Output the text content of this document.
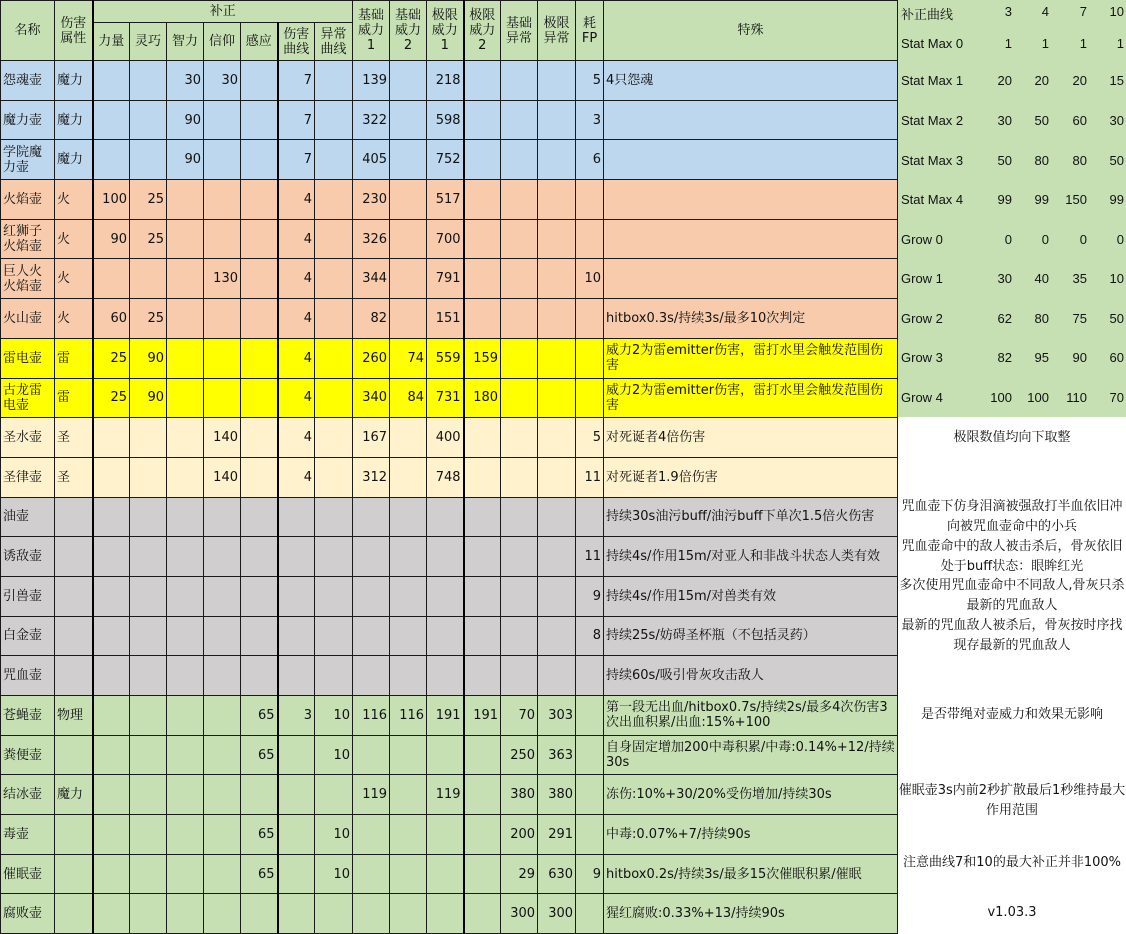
名称	伤害属性	补正							基础威力1	基础威力2	极限威力1	极限威力2	基础异常	极限异常	耗FP	特殊
		力量	灵巧	智力	信仰	感应	伤害曲线	异常曲线								
怨魂壶	魔力			30	30		7		139		218				5	4只怨魂
魔力壶	魔力			90			7		322		598				3	
学院魔力壶	魔力			90			7		405		752				6	
火焰壶	火	100	25				4		230		517					
红狮子火焰壶	火	90	25				4		326		700					
巨人火火焰壶	火				130		4		344		791				10	
火山壶	火	60	25				4		82		151					hitbox0.3s/持续3s/最多10次判定
雷电壶	雷	25	90				4		260	74	559	159				威力2为雷emitter伤害，雷打水里会触发范围伤害
古龙雷电壶	雷	25	90				4		340	84	731	180				威力2为雷emitter伤害，雷打水里会触发范围伤害
圣水壶	圣				140		4		167		400				5	对死诞者4倍伤害
圣律壶	圣				140		4		312		748				11	对死诞者1.9倍伤害
油壶																持续30s油污buff/油污buff下单次1.5倍火伤害
诱敌壶															11	持续4s/作用15m/对亚人和非战斗状态人类有效
引兽壶															9	持续4s/作用15m/对兽类有效
白金壶															8	持续25s/妨碍圣杯瓶（不包括灵药）
咒血壶																持续60s/吸引骨灰攻击敌人
苍蝇壶	物理					65	3	10	116	116	191	191	70	303		第一段无出血/hitbox0.7s/持续2s/最多4次伤害3次出血积累/出血:15%+100
粪便壶						65		10					250	363		自身固定增加200中毒积累/中毒:0.14%+12/持续30s
结冰壶	魔力								119		119		380	380		冻伤:10%+30/20%受伤增加/持续30s
毒壶						65		10					200	291		中毒:0.07%+7/持续90s
催眠壶						65		10					29	630	9	hitbox0.2s/持续3s/最多15次催眠积累/催眠
腐败壶													300	300		猩红腐败:0.33%+13/持续90s
补正曲线	3	4	7	10
Stat Max 0	1	1	1	1
Stat Max 1	20	20	20	15
Stat Max 2	30	50	60	30
Stat Max 3	50	80	80	50
Stat Max 4	99	99	150	99
Grow 0	0	0	0	0
Grow 1	30	40	35	10
Grow 2	62	80	75	50
Grow 3	82	95	90	60
Grow 4	100	100	110	70
极限数值均向下取整
咒血壶下仿身泪滴被强敌打半血依旧冲向被咒血壶命中的小兵
咒血壶命中的敌人被击杀后，骨灰依旧处于buff状态：眼眸红光
多次使用咒血壶命中不同敌人,骨灰只杀最新的咒血敌人
最新的咒血敌人被杀后，骨灰按时序找现存最新的咒血敌人
是否带绳对壶威力和效果无影响
催眠壶3s内前2秒扩散最后1秒维持最大作用范围
注意曲线7和10的最大补正并非100%
v1.03.3
